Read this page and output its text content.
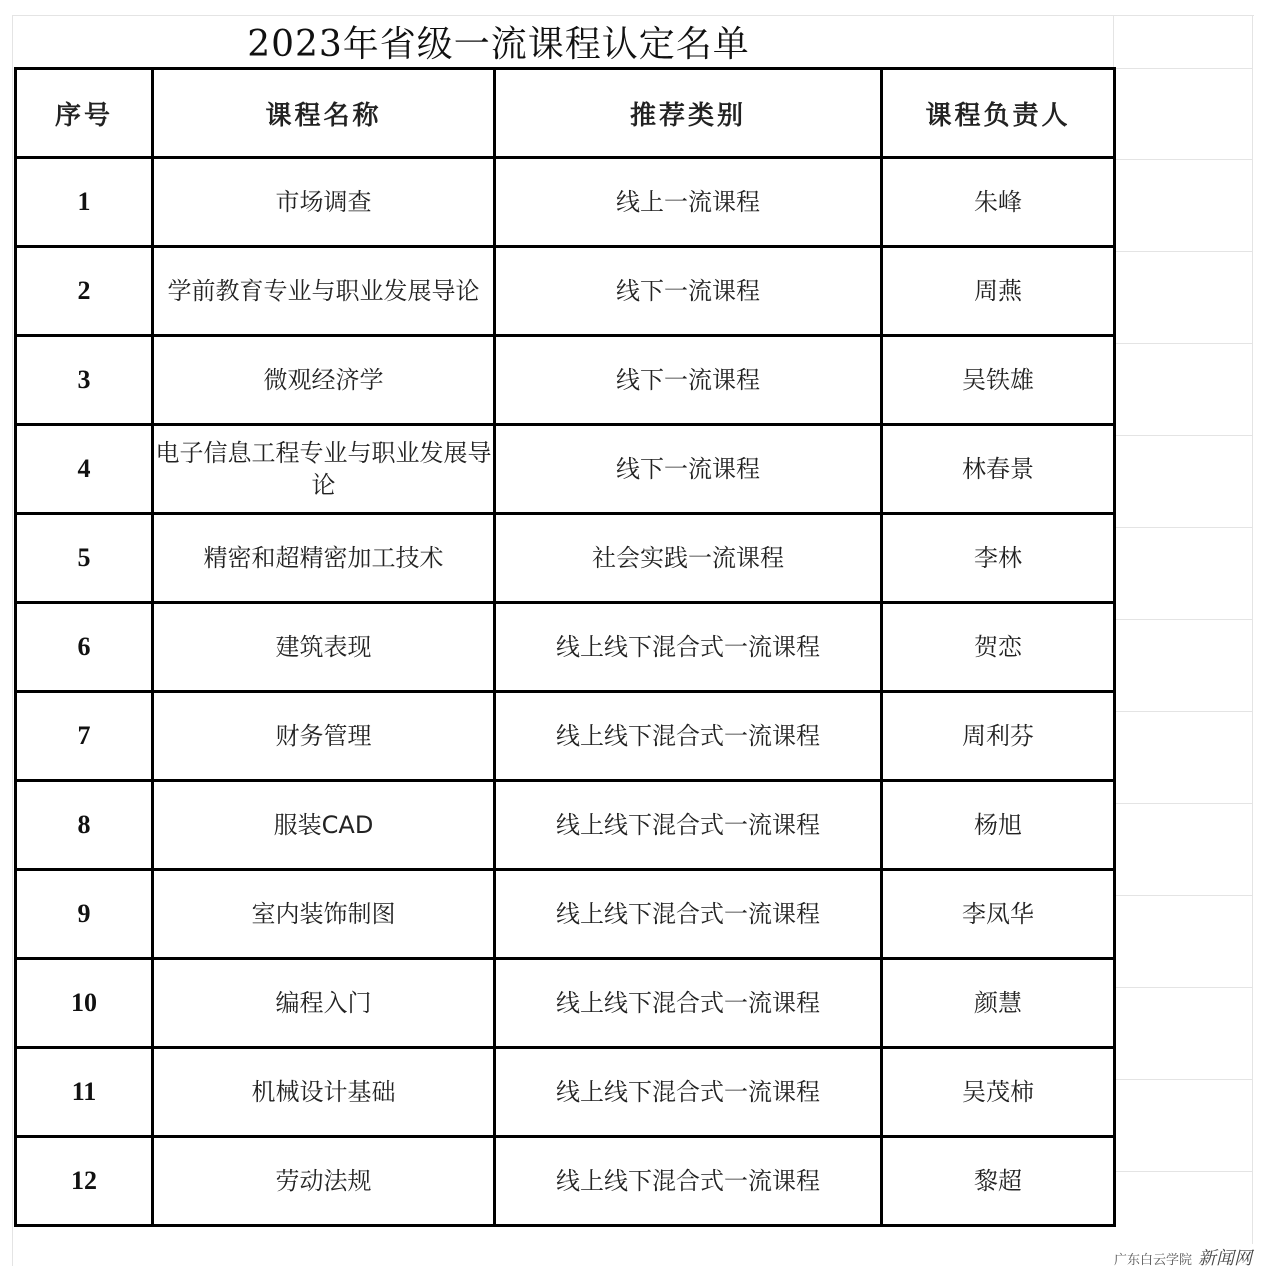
2023年省级一流课程认定名单
序号	课程名称	推荐类别	课程负责人
1	市场调查	线上一流课程	朱峰
2	学前教育专业与职业发展导论	线下一流课程	周燕
3	微观经济学	线下一流课程	吴铁雄
4	电子信息工程专业与职业发展导论	线下一流课程	林春景
5	精密和超精密加工技术	社会实践一流课程	李林
6	建筑表现	线上线下混合式一流课程	贺恋
7	财务管理	线上线下混合式一流课程	周利芬
8	服装CAD	线上线下混合式一流课程	杨旭
9	室内装饰制图	线上线下混合式一流课程	李凤华
10	编程入门	线上线下混合式一流课程	颜慧
11	机械设计基础	线上线下混合式一流课程	吴茂柿
12	劳动法规	线上线下混合式一流课程	黎超
广东白云学院 新闻网
